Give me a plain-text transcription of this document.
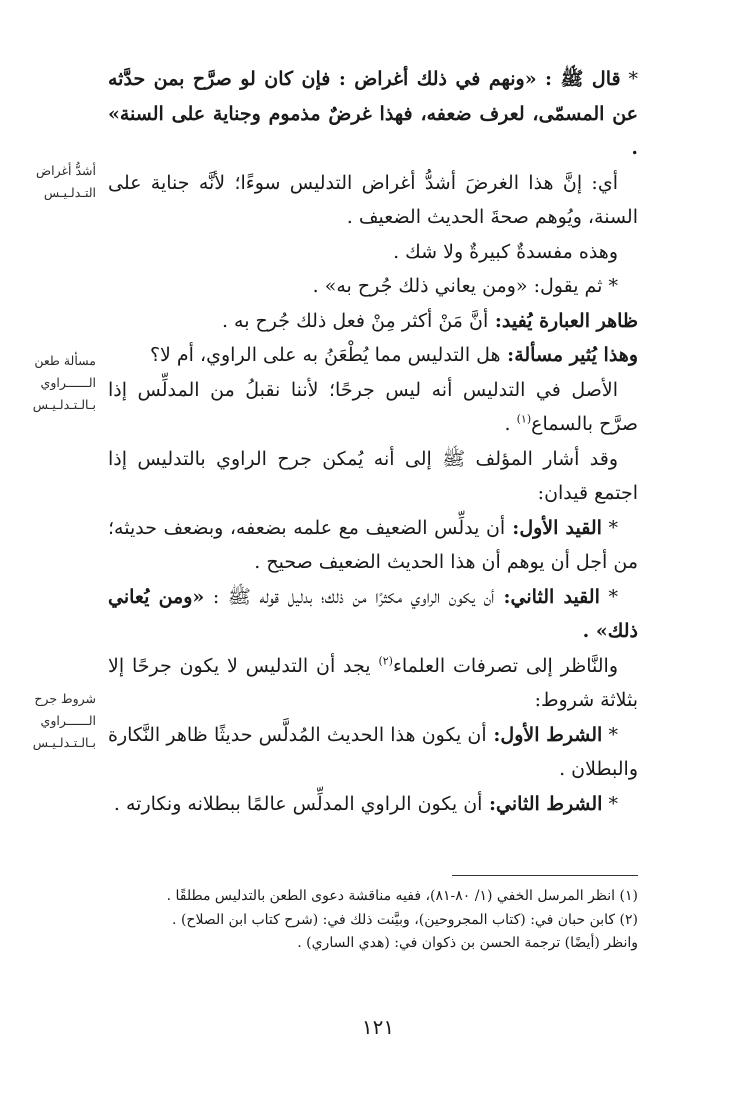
* قال ﷺ : «ونهم في ذلك أغراض : فإن كان لو صرَّح بمن حدَّثه عن المسمّى، لعرف ضعفه، فهذا غرضٌ مذموم وجناية على السنة» .

أي: إنَّ هذا الغرضَ أشدُّ أغراض التدليس سوءًا؛ لأنَّه جناية على السنة، ويُوهم صحةَ الحديث الضعيف .

وهذه مفسدةٌ كبيرةٌ ولا شك .

* ثم يقول: «ومن يعاني ذلك جُرح به» .

ظاهر العبارة يُفيد: أنَّ مَنْ أكثر مِنْ فعل ذلك جُرح به .

وهذا يُثير مسألة: هل التدليس مما يُطْعَنُ به على الراوي، أم لا؟

الأصل في التدليس أنه ليس جرحًا؛ لأننا نقبلُ من المدلِّس إذا صرَّح بالسماع$^{(١)}$ .

وقد أشار المؤلف ﷺ إلى أنه يُمكن جرح الراوي بالتدليس إذا اجتمع قيدان:

* القيد الأول: أن يدلِّس الضعيف مع علمه بضعفه، وبضعف حديثه؛ من أجل أن يوهم أن هذا الحديث الضعيف صحيح .

* القيد الثاني: أن يكون الراوي مكثرًا من ذلك؛ بدليل قوله ﷺ : «ومن يُعاني ذلك» .

والنَّاظر إلى تصرفات العلماء$^{(٢)}$ يجد أن التدليس لا يكون جرحًا إلا بثلاثة شروط:

* الشرط الأول: أن يكون هذا الحديث المُدلَّس حديثًا ظاهر النَّكارة والبطلان .

* الشرط الثاني: أن يكون الراوي المدلِّس عالمًا ببطلانه ونكارته .

أشدُّ أغراض
التـدلـيـس
مسألة طعن
الــــــراوي
بـالـتـدلـيـس
شروط جرح
الــــــراوي
بـالـتـدلـيـس

(١) انظر المرسل الخفي (١/ ٨٠-٨١)، ففيه مناقشة دعوى الطعن بالتدليس مطلقًا .

(٢) كابن حبان في: (كتاب المجروحين)، وبيَّنت ذلك في: (شرح كتاب ابن الصلاح) .

وانظر (أيضًا) ترجمة الحسن بن ذكوان في: (هدي الساري) .

١٢١
